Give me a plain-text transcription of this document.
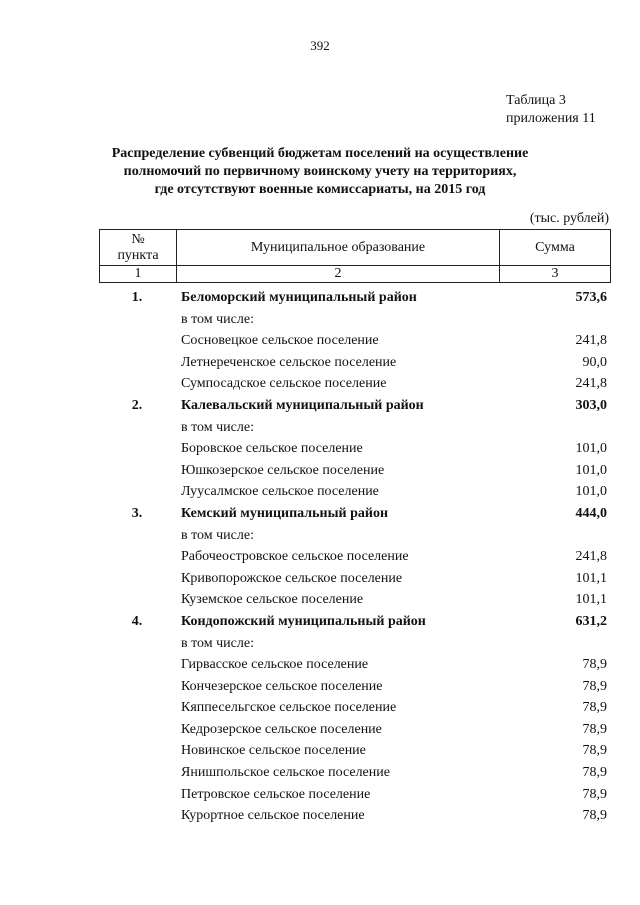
392
Таблица 3
приложения 11
Распределение субвенций бюджетам поселений на осуществление
полномочий по первичному воинскому учету на территориях,
где отсутствуют военные комиссариаты, на 2015 год
(тыс. рублей)
№
пункта	Муниципальное образование	Сумма
1	2	3
1.	Беломорский муниципальный район	573,6
в том числе:
Сосновецкое сельское поселение	241,8
Летнереченское сельское поселение	90,0
Сумпосадское сельское поселение	241,8
2.	Калевальский муниципальный район	303,0
в том числе:
Боровское сельское поселение	101,0
Юшкозерское сельское поселение	101,0
Луусалмское сельское поселение	101,0
3.	Кемский муниципальный район	444,0
в том числе:
Рабочеостровское сельское поселение	241,8
Кривопорожское сельское поселение	101,1
Куземское сельское поселение	101,1
4.	Кондопожский муниципальный район	631,2
в том числе:
Гирвасское сельское поселение	78,9
Кончезерское сельское поселение	78,9
Кяппесельгское сельское поселение	78,9
Кедрозерское сельское поселение	78,9
Новинское сельское поселение	78,9
Янишпольское сельское поселение	78,9
Петровское сельское поселение	78,9
Курортное сельское поселение	78,9
